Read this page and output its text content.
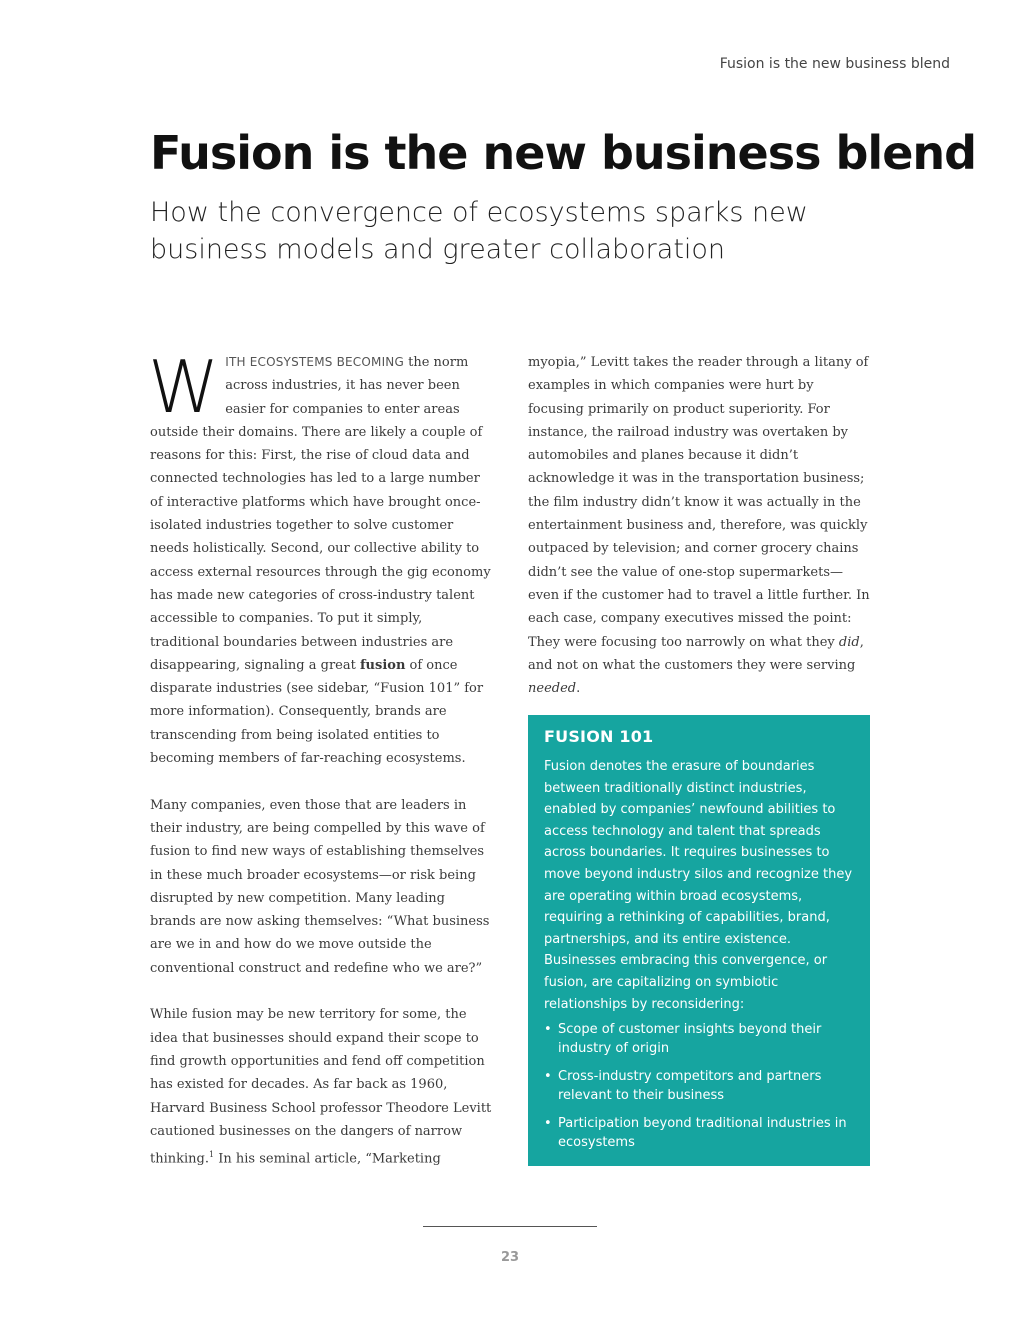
Fusion is the new business blend
Fusion is the new business blend
How the convergence of ecosystems sparks new business models and greater collaboration

WITH ECOSYSTEMS BECOMING the norm across industries, it has never been easier for companies to enter areas outside their domains. There are likely a couple of reasons for this: First, the rise of cloud data and connected technologies has led to a large number of interactive platforms which have brought once-isolated industries together to solve customer needs holistically. Second, our collective ability to access external resources through the gig economy has made new categories of cross-industry talent accessible to companies. To put it simply, traditional boundaries between industries are disappearing, signaling a great fusion of once disparate industries (see sidebar, “Fusion 101” for more information). Consequently, brands are transcending from being isolated entities to becoming members of far-reaching ecosystems.

Many companies, even those that are leaders in their industry, are being compelled by this wave of fusion to find new ways of establishing themselves in these much broader ecosystems—or risk being disrupted by new competition. Many leading brands are now asking themselves: “What business are we in and how do we move outside the conventional construct and redefine who we are?”

While fusion may be new territory for some, the idea that businesses should expand their scope to find growth opportunities and fend off competition has existed for decades. As far back as 1960, Harvard Business School professor Theodore Levitt cautioned businesses on the dangers of narrow thinking.$^1$ In his seminal article, “Marketing

myopia,” Levitt takes the reader through a litany of examples in which companies were hurt by focusing primarily on product superiority. For instance, the railroad industry was overtaken by automobiles and planes because it didn’t acknowledge it was in the transportation business; the film industry didn’t know it was actually in the entertainment business and, therefore, was quickly outpaced by television; and corner grocery chains didn’t see the value of one-stop supermarkets—even if the customer had to travel a little further. In each case, company executives missed the point: They were focusing too narrowly on what they did, and not on what the customers they were serving needed.

FUSION 101

Fusion denotes the erasure of boundaries between traditionally distinct industries, enabled by companies’ newfound abilities to access technology and talent that spreads across boundaries. It requires businesses to move beyond industry silos and recognize they are operating within broad ecosystems, requiring a rethinking of capabilities, brand, partnerships, and its entire existence. Businesses embracing this convergence, or fusion, are capitalizing on symbiotic relationships by reconsidering:

• Scope of customer insights beyond their industry of origin
• Cross-industry competitors and partners relevant to their business
• Participation beyond traditional industries in ecosystems
23
